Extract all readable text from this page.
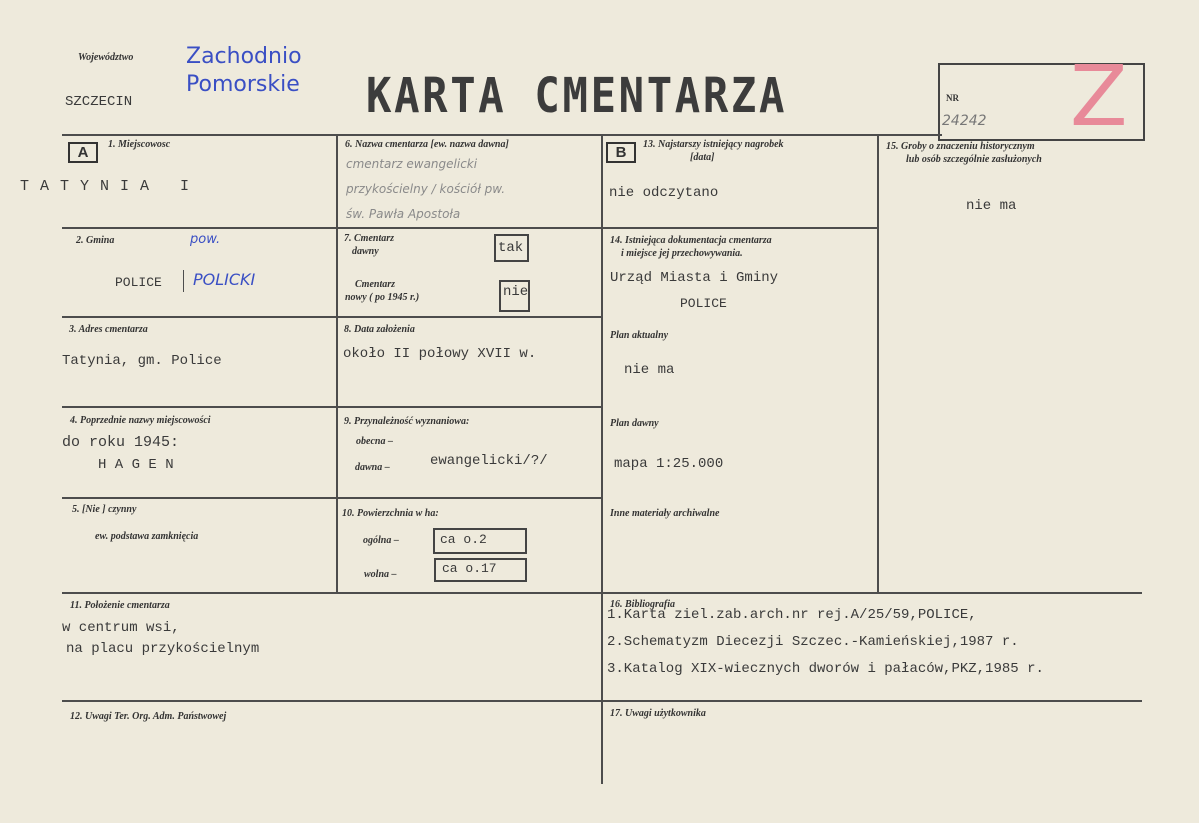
Województwo Zachodnio
Pomorskie
SZCZECIN	KARTA CMENTARZA	NR
24242 Z
A	B
1. Miejscowosc
T A T Y N I A   I
2. Gmina	pow.
POLICE POLICKI
3. Adres cmentarza
Tatynia, gm. Police
4. Poprzednie nazwy miejscowości
do roku 1945:
H A G E N
5. [Nie ] czynny
ew. podstawa zamknięcia
6. Nazwa cmentarza [ew. nazwa dawna]
cmentarz ewangelicki
przykościelny / kościół pw.
św. Pawła Apostoła
7. Cmentarz
dawny	tak
Cmentarz
nowy ( po 1945 r.)	nie
8. Data założenia
około II połowy XVII w.
9. Przynależność wyznaniowa:
obecna –
dawna –	ewangelicki/?/
10. Powierzchnia w ha:
ogólna –	ca o.2
wolna –	ca o.17
11. Położenie cmentarza
w centrum wsi,
na placu przykościelnym
12. Uwagi Ter. Org. Adm. Państwowej
13. Najstarszy istniejący nagrobek
[data]
nie odczytano
14. Istniejąca dokumentacja cmentarza
i miejsce jej przechowywania.
Urząd Miasta i Gminy
POLICE
Plan aktualny
nie ma
Plan dawny
mapa 1:25.000
Inne materiały archiwalne
15. Groby o znaczeniu historycznym
lub osób szczególnie zasłużonych
nie ma
16. Bibliografia
1.Karta ziel.zab.arch.nr rej.A/25/59,POLICE,
2.Schematyzm Diecezji Szczec.-Kamieńskiej,1987 r.
3.Katalog XIX-wiecznych dworów i pałaców,PKZ,1985 r.
17. Uwagi użytkownika
